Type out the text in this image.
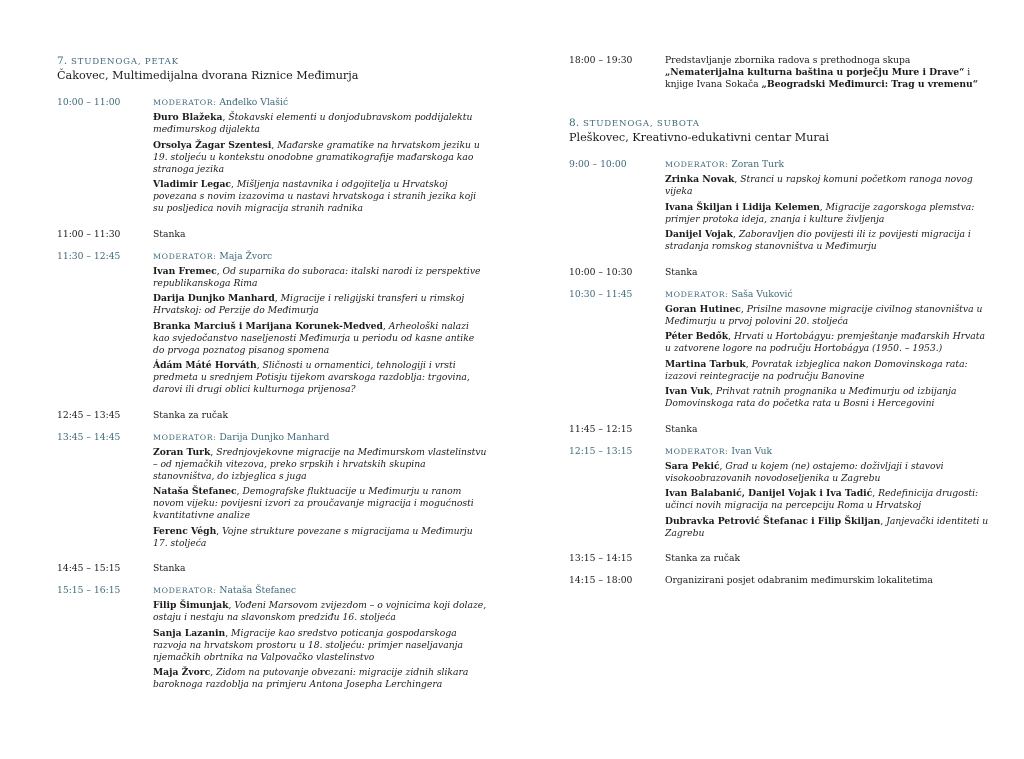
7. STUDENOGA, PETAK
Čakovec, Multimedijalna dvorana Riznice Međimurja
10:00 – 11:00	MODERATOR: Anđelko Vlašić
Đuro Blažeka, Štokavski elementi u donjodubravskom poddijalektu međimurskog dijalekta
Orsolya Žagar Szentesi, Mađarske gramatike na hrvatskom jeziku u 19. stoljeću u kontekstu onodobne gramatikografije mađarskoga kao stranoga jezika
Vladimir Legac, Mišljenja nastavnika i odgojitelja u Hrvatskoj povezana s novim izazovima u nastavi hrvatskoga i stranih jezika koji su posljedica novih migracija stranih radnika
11:00 – 11:30	Stanka
11:30 – 12:45	MODERATOR: Maja Žvorc
Ivan Fremec, Od suparnika do suboraca: italski narodi iz perspektive republikanskoga Rima
Darija Dunjko Manhard, Migracije i religijski transferi u rimskoj Hrvatskoj: od Perzije do Međimurja
Branka Marciuš i Marijana Korunek-Medved, Arheološki nalazi kao svjedočanstvo naseljenosti Međimurja u periodu od kasne antike do prvoga poznatog pisanog spomena
Ádám Máté Horváth, Sličnosti u ornamentici, tehnologiji i vrsti predmeta u srednjem Potisju tijekom avarskoga razdoblja: trgovina, darovi ili drugi oblici kulturnoga prijenosa?
12:45 – 13:45	Stanka za ručak
13:45 – 14:45	MODERATOR: Darija Dunjko Manhard
Zoran Turk, Srednjovjekovne migracije na Međimurskom vlastelinstvu – od njemačkih vitezova, preko srpskih i hrvatskih skupina stanovništva, do izbjeglica s juga
Nataša Štefanec, Demografske fluktuacije u Međimurju u ranom novom vijeku: povijesni izvori za proučavanje migracija i mogućnosti kvantitativne analize
Ferenc Végh, Vojne strukture povezane s migracijama u Međimurju 17. stoljeća
14:45 – 15:15	Stanka
15:15 – 16:15	MODERATOR: Nataša Štefanec
Filip Šimunjak, Vođeni Marsovom zvijezdom – o vojnicima koji dolaze, ostaju i nestaju na slavonskom predziđu 16. stoljeća
Sanja Lazanin, Migracije kao sredstvo poticanja gospodarskoga razvoja na hrvatskom prostoru u 18. stoljeću: primjer naseljavanja njemačkih obrtnika na Valpovačko vlastelinstvo
Maja Žvorc, Zidom na putovanje obvezani: migracije zidnih slikara baroknoga razdoblja na primjeru Antona Josepha Lerchingera
18:00 – 19:30	Predstavljanje zbornika radova s prethodnoga skupa
„Nematerijalna kulturna baština u porječju Mure i Drave“ i
knjige Ivana Sokača „Beogradski Međimurci: Trag u vremenu“
8. STUDENOGA, SUBOTA
Pleškovec, Kreativno-edukativni centar Murai
9:00 – 10:00	MODERATOR: Zoran Turk
Zrinka Novak, Stranci u rapskoj komuni početkom ranoga novog vijeka
Ivana Škiljan i Lidija Kelemen, Migracije zagorskoga plemstva: primjer protoka ideja, znanja i kulture življenja
Danijel Vojak, Zaboravljen dio povijesti ili iz povijesti migracija i stradanja romskog stanovništva u Međimurju
10:00 – 10:30	Stanka
10:30 – 11:45	MODERATOR: Saša Vuković
Goran Hutinec, Prisilne masovne migracije civilnog stanovništva u Međimurju u prvoj polovini 20. stoljeća
Péter Bedők, Hrvati u Hortobágyu: premještanje mađarskih Hrvata u zatvorene logore na području Hortobágya (1950. – 1953.)
Martina Tarbuk, Povratak izbjeglica nakon Domovinskoga rata: izazovi reintegracije na području Banovine
Ivan Vuk, Prihvat ratnih prognanika u Međimurju od izbijanja Domovinskoga rata do početka rata u Bosni i Hercegovini
11:45 – 12:15	Stanka
12:15 – 13:15	MODERATOR: Ivan Vuk
Sara Pekić, Grad u kojem (ne) ostajemo: doživljaji i stavovi visokoobrazovanih novodoseljenika u Zagrebu
Ivan Balabanić, Danijel Vojak i Iva Tadić, Redefinicija drugosti: učinci novih migracija na percepciju Roma u Hrvatskoj
Dubravka Petrović Štefanac i Filip Škiljan, Janjevački identiteti u Zagrebu
13:15 – 14:15	Stanka za ručak
14:15 – 18:00	Organizirani posjet odabranim međimurskim lokalitetima
